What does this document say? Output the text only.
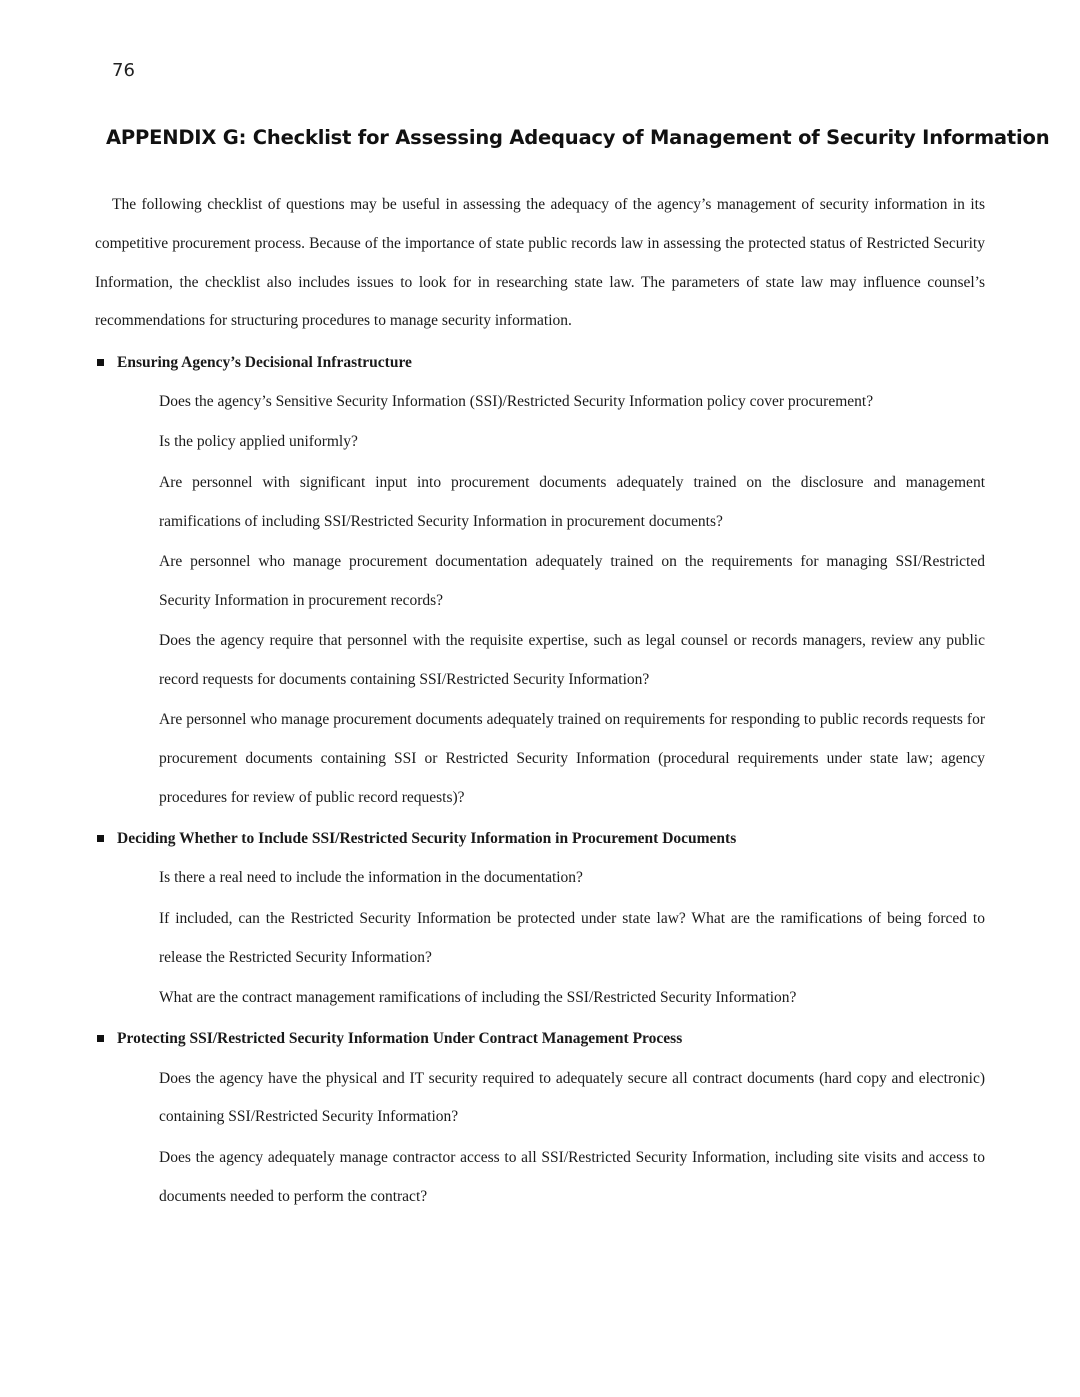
76
APPENDIX G: Checklist for Assessing Adequacy of Management of Security Information

The following checklist of questions may be useful in assessing the adequacy of the agency’s management of security information in its competitive procurement process. Because of the importance of state public records law in assessing the protected status of Restricted Security Information, the checklist also includes issues to look for in researching state law. The parameters of state law may influence counsel’s recommendations for structuring procedures to manage security information.

Ensuring Agency’s Decisional Infrastructure

Does the agency’s Sensitive Security Information (SSI)/Restricted Security Information policy cover procurement?

Is the policy applied uniformly?

Are personnel with significant input into procurement documents adequately trained on the disclosure and management ramifications of including SSI/Restricted Security Information in procurement documents?

Are personnel who manage procurement documentation adequately trained on the requirements for managing SSI/Restricted Security Information in procurement records?

Does the agency require that personnel with the requisite expertise, such as legal counsel or records managers, review any public record requests for documents containing SSI/Restricted Security Information?

Are personnel who manage procurement documents adequately trained on requirements for responding to public records requests for procurement documents containing SSI or Restricted Security Information (procedural requirements under state law; agency procedures for review of public record requests)?

Deciding Whether to Include SSI/Restricted Security Information in Procurement Documents

Is there a real need to include the information in the documentation?

If included, can the Restricted Security Information be protected under state law? What are the ramifications of being forced to release the Restricted Security Information?

What are the contract management ramifications of including the SSI/Restricted Security Information?

Protecting SSI/Restricted Security Information Under Contract Management Process

Does the agency have the physical and IT security required to adequately secure all contract documents (hard copy and electronic) containing SSI/Restricted Security Information?

Does the agency adequately manage contractor access to all SSI/Restricted Security Information, including site visits and access to documents needed to perform the contract?
